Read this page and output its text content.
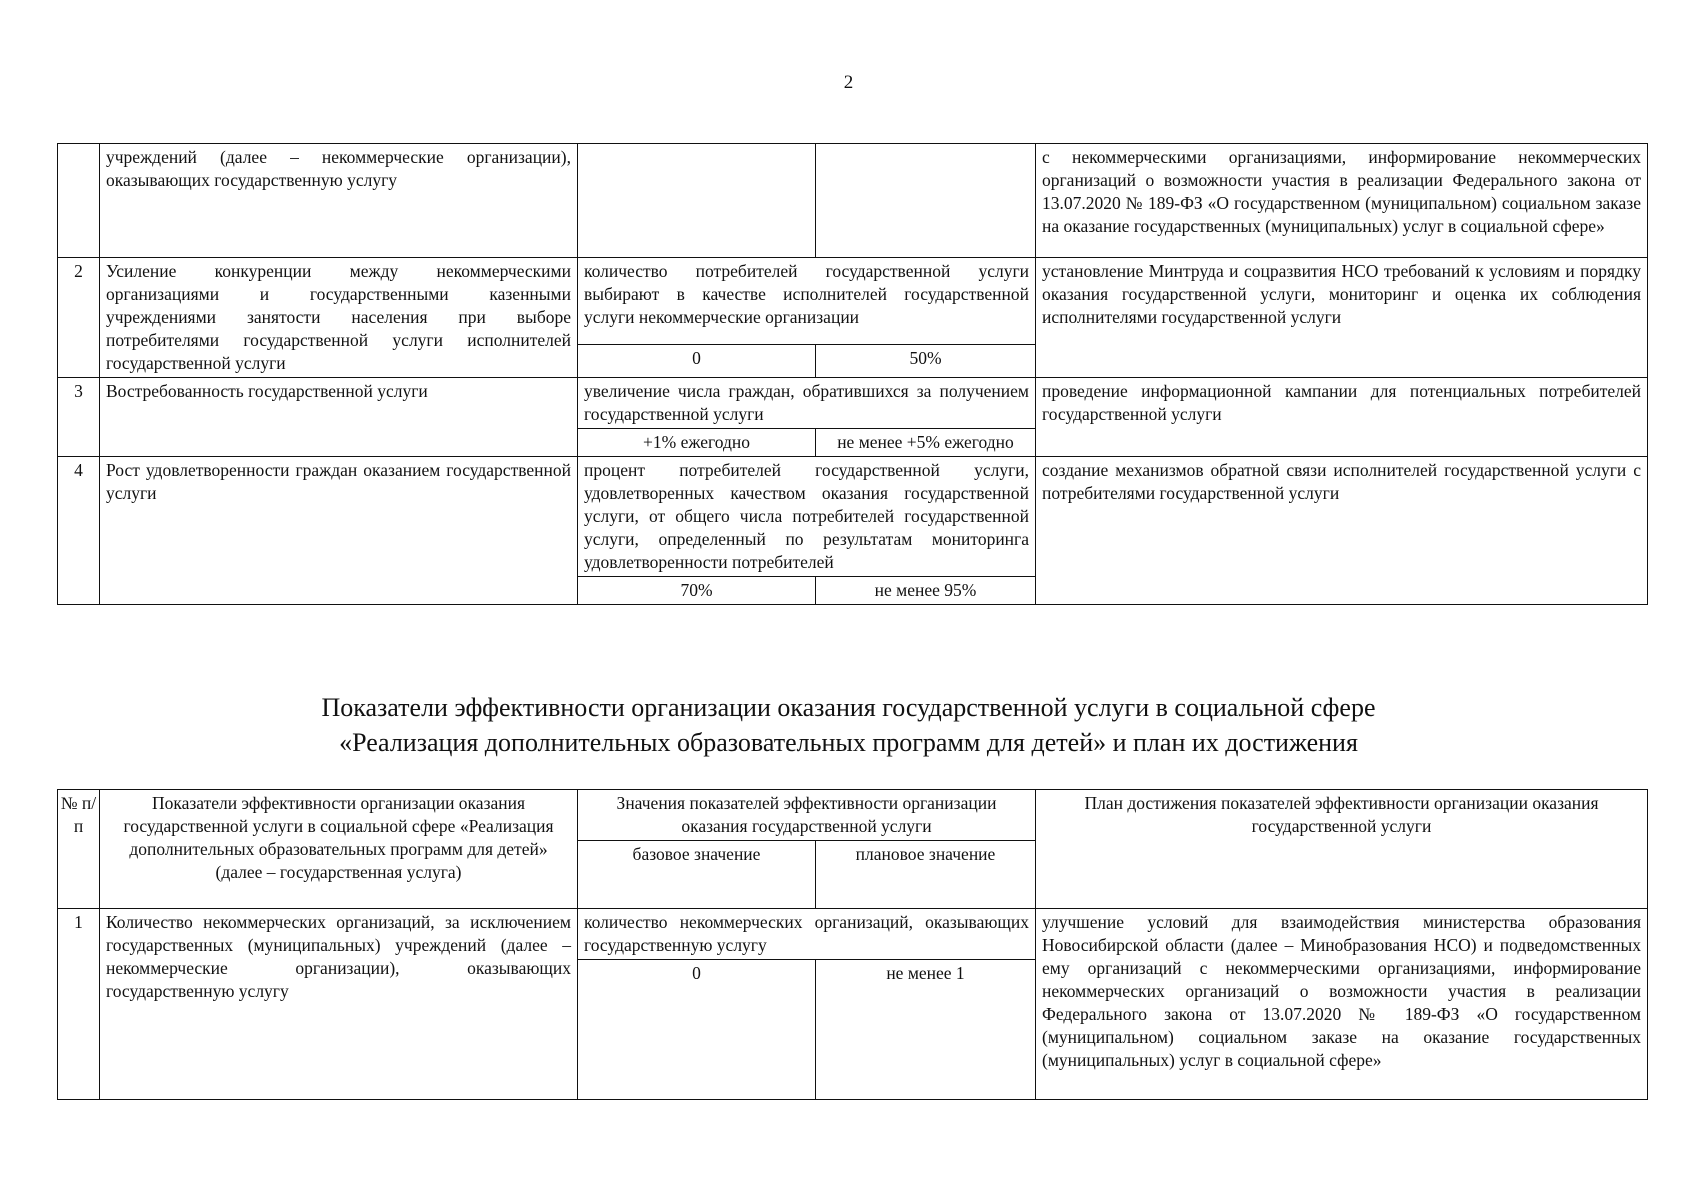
2
	учреждений (далее – некоммерческие организации), оказывающих государственную услугу			с некоммерческими организациями, информирование некоммерческих организаций о возможности участия в реализации Федерального закона от 13.07.2020 № 189-ФЗ «О государственном (муниципальном) социальном заказе на оказание государственных (муниципальных) услуг в социальной сфере»
2	Усиление конкуренции между некоммерческими организациями и государственными казенными учреждениями занятости населения при выборе потребителями государственной услуги исполнителей государственной услуги	количество потребителей государственной услуги выбирают в качестве исполнителей государственной услуги некоммерческие организации		установление Минтруда и соцразвития НСО требований к условиям и порядку оказания государственной услуги, мониторинг и оценка их соблюдения исполнителями государственной услуги
		0	50%	
3	Востребованность государственной услуги	увеличение числа граждан, обратившихся за получением государственной услуги		проведение информационной кампании для потенциальных потребителей государственной услуги
		+1% ежегодно	не менее +5% ежегодно	
4	Рост удовлетворенности граждан оказанием государственной услуги	процент потребителей государственной услуги, удовлетворенных качеством оказания государственной услуги, от общего числа потребителей государственной услуги, определенный по результатам мониторинга удовлетворенности потребителей		создание механизмов обратной связи исполнителей государственной услуги с потребителями государственной услуги
		70%	не менее 95%	
Показатели эффективности организации оказания государственной услуги в социальной сфере
«Реализация дополнительных образовательных программ для детей» и план их достижения
№ п/п	Показатели эффективности организации оказания государственной услуги в социальной сфере «Реализация дополнительных образовательных программ для детей» (далее – государственная услуга)	Значения показателей эффективности организации оказания государственной услуги		План достижения показателей эффективности организации оказания государственной услуги
		базовое значение	плановое значение	
1	Количество некоммерческих организаций, за исключением государственных (муниципальных) учреждений (далее – некоммерческие организации), оказывающих государственную услугу	количество некоммерческих организаций, оказывающих государственную услугу		улучшение условий для взаимодействия министерства образования Новосибирской области (далее – Минобразования НСО) и подведомственных ему организаций с некоммерческими организациями, информирование некоммерческих организаций о возможности участия в реализации Федерального закона от 13.07.2020 № 189-ФЗ «О государственном (муниципальном) социальном заказе на оказание государственных (муниципальных) услуг в социальной сфере»
		0	не менее 1	
